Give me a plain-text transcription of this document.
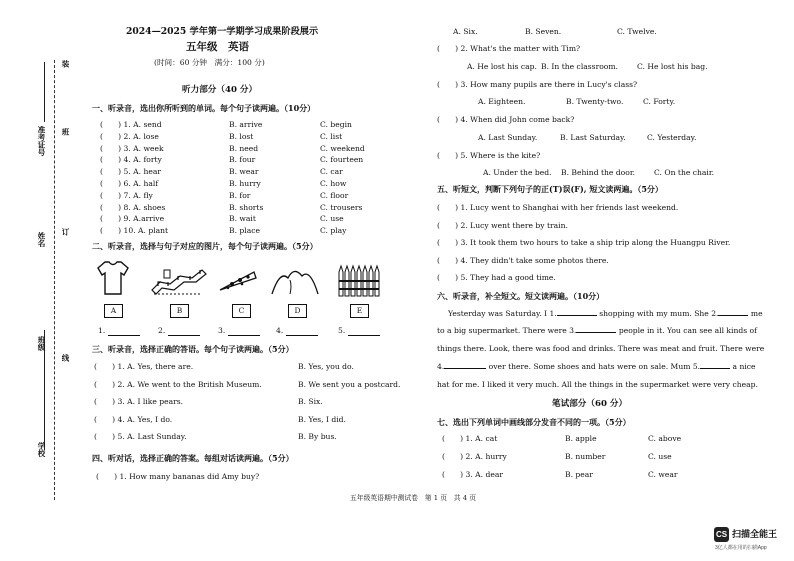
准考证号 班
姓名
订
班级
线
学校
装
2024—2025 学年第一学期学习成果阶段展示
五年级　英语
(时间：60 分钟　满分：100 分)
听力部分（40 分）
一、听录音，选出你所听到的单词。每个句子读两遍。（10分）
(　　) 1. A. send	B. arrive	C. begin
(　　) 2. A. lose	B. lost	C. list
(　　) 3. A. week	B. need	C. weekend
(　　) 4. A. forty	B. four	C. fourteen
(　　) 5. A. hear	B. wear	C. car
(　　) 6. A. half	B. hurry	C. how
(　　) 7. A. fly	B. for	C. floor
(　　) 8. A. shoes	B. shorts	C. trousers
(　　) 9. A.arrive	B. wait	C. use
(　　) 10. A. plant	B. place	C. play
二、听录音，选择与句子对应的图片，每个句子读两遍。（5分）
A	B	C	D	E
1.	2.	3.	4.	5.
三、听录音，选择正确的答语。每个句子读两遍。（5分）
(　　) 1. A. Yes, there are.	B. Yes, you do.
(　　) 2. A. We went to the British Museum.	B. We sent you a postcard.
(　　) 3. A. I like pears.	B. Six.
(　　) 4. A. Yes, I do.	B. Yes, I did.
(　　) 5. A. Last Sunday.	B. By bus.
四、听对话，选择正确的答案。每组对话读两遍。（5分）
(　　) 1. How many bananas did Amy buy?
五年级英语期中测试卷　第 1 页　共 4 页
A. Six.	B. Seven.	C. Twelve.
(　　) 2. What's the matter with Tim?
A. He lost his cap. B. In the classroom.	C. He lost his bag.
(　　) 3. How many pupils are there in Lucy's class?
A. Eighteen.	B. Twenty-two.	C. Forty.
(　　) 4. When did John come back?
A. Last Sunday.	B. Last Saturday.	C. Yesterday.
(　　) 5. Where is the kite?
A. Under the bed. B. Behind the door. C. On the chair.
五、听短文，判断下列句子的正(T)误(F), 短文读两遍。（5分）
(　　) 1. Lucy went to Shanghai with her friends last weekend.
(　　) 2. Lucy went there by train.
(　　) 3. It took them two hours to take a ship trip along the Huangpu River.
(　　) 4. They didn't take some photos there.
(　　) 5. They had a good time.
六、听录音，补全短文。短文读两遍。（10分）
Yesterday was Saturday. I 1.	shopping with my mum. She 2.	me
to a big supermarket. There were 3.	people in it. You can see all kinds of
things there. Look, there was food and drinks. There was meat and fruit. There were
4.	over there. Some shoes and hats were on sale. Mum 5.	a nice
hat for me. I liked it very much. All the things in the supermarket were very cheap.
笔试部分（60 分）
七、选出下列单词中画线部分发音不同的一项。（5分）
(　　) 1. A. cat	B. apple	C. above
(　　) 2. A. hurry	B. number	C. use
(　　) 3. A. dear	B. pear	C. wear
CS 扫描全能王
3亿人都在用的扫描App
